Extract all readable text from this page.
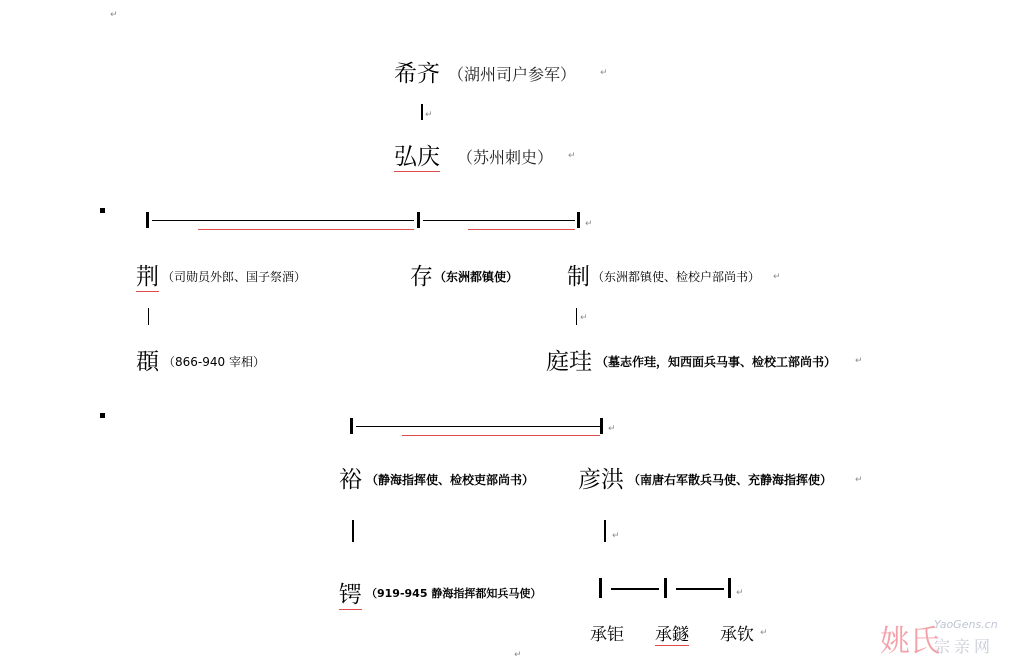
↵
希齐 （湖州司户参军）	↵
↵
弘庆 （苏州刺史） ↵
↵
荆 （司勋员外郎、国子祭酒）	存 （东洲都镇使） 制 （东洲都镇使、检校户部尚书） ↵
↵
頵 （866-940 宰相）	庭珪 （墓志作珪，知西面兵马事、检校工部尚书） ↵
↵
裕 （静海指挥使、检校吏部尚书） 彦洪 （南唐右军散兵马使、充静海指挥使）	↵
↵
锷 （919-945 静海指挥都知兵马使）	↵
承钜 承鐩 承钦 ↵
↵	姚氏
YaoGens.cn
宗亲网
